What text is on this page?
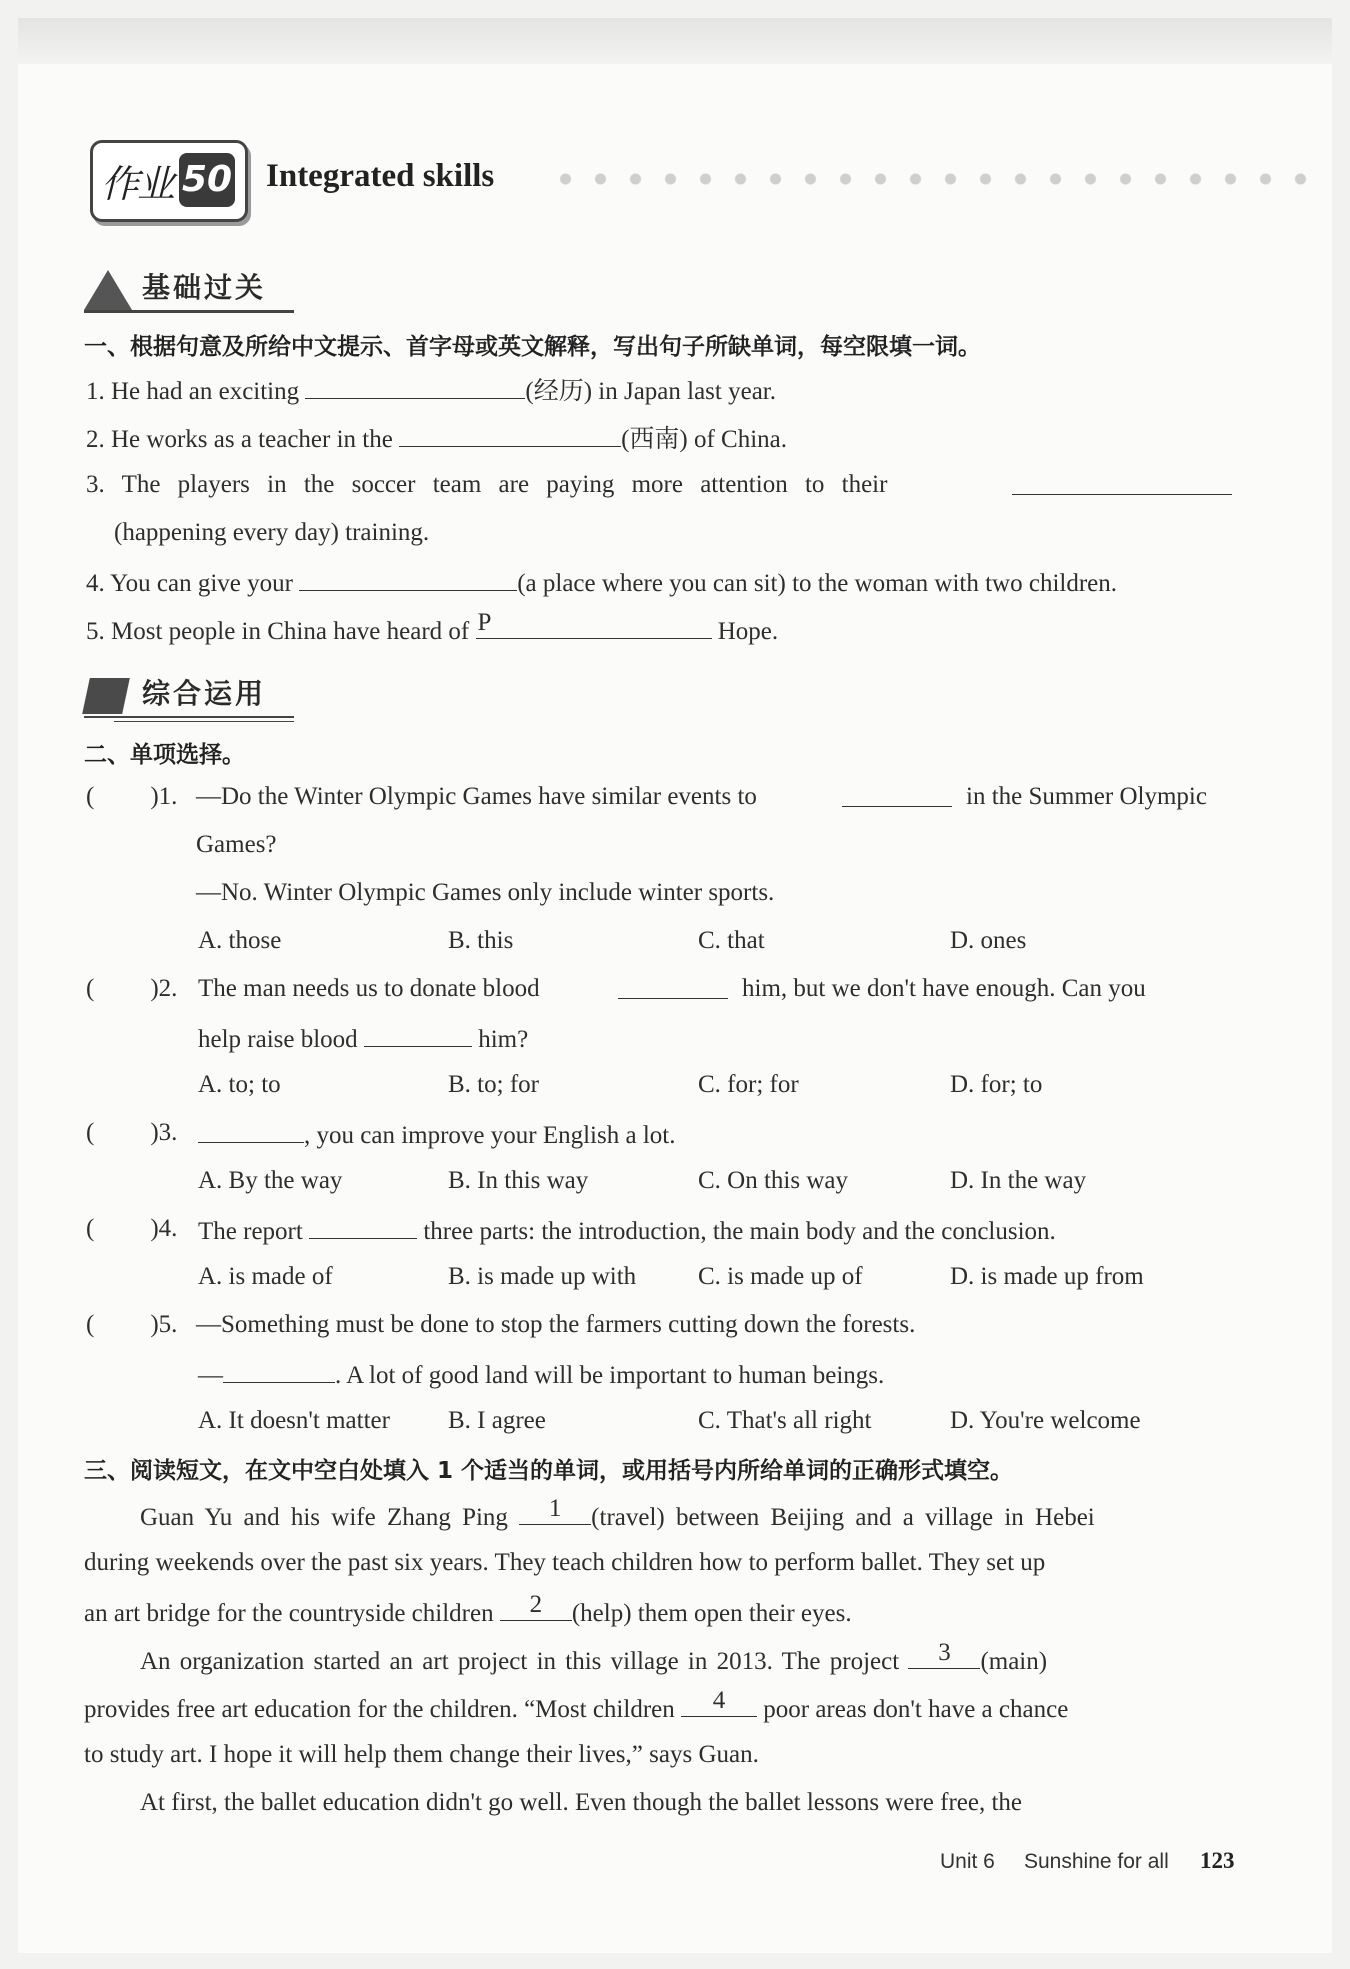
作业 50 Integrated skills
基础过关
一、根据句意及所给中文提示、首字母或英文解释，写出句子所缺单词，每空限填一词。
1. He had an exciting	(经历) in Japan last year.
2. He works as a teacher in the	(西南) of China.
3. The players in the soccer team are paying more attention to their
(happening every day) training.
4. You can give your	(a place where you can sit) to the woman with two children.
5. Most people in China have heard of P	Hope.
综合运用
二、单项选择。
( )1. —Do the Winter Olympic Games have similar events to	in the Summer Olympic
Games?
—No. Winter Olympic Games only include winter sports.
A. those	B. this	C. that	D. ones
( )2. The man needs us to donate blood	him, but we don't have enough. Can you
help raise blood	him?
A. to; to	B. to; for	C. for; for	D. for; to
( )3.	, you can improve your English a lot.
A. By the way	B. In this way	C. On this way	D. In the way
( )4. The report	three parts: the introduction, the main body and the conclusion.
A. is made of	B. is made up with C. is made up of	D. is made up from
( )5. —Something must be done to stop the farmers cutting down the forests.
—	. A lot of good land will be important to human beings.
A. It doesn't matter B. I agree	C. That's all right	D. You're welcome
三、阅读短文，在文中空白处填入 1 个适当的单词，或用括号内所给单词的正确形式填空。
Guan Yu and his wife Zhang Ping	1	(travel) between Beijing and a village in Hebei
during weekends over the past six years. They teach children how to perform ballet. They set up
an art bridge for the countryside children	2	(help) them open their eyes.
An organization started an art project in this village in 2013. The project	3	(main)
provides free art education for the children. “Most children	4	poor areas don't have a chance
to study art. I hope it will help them change their lives,” says Guan.
At first, the ballet education didn't go well. Even though the ballet lessons were free, the
Unit 6 Sunshine for all 123
